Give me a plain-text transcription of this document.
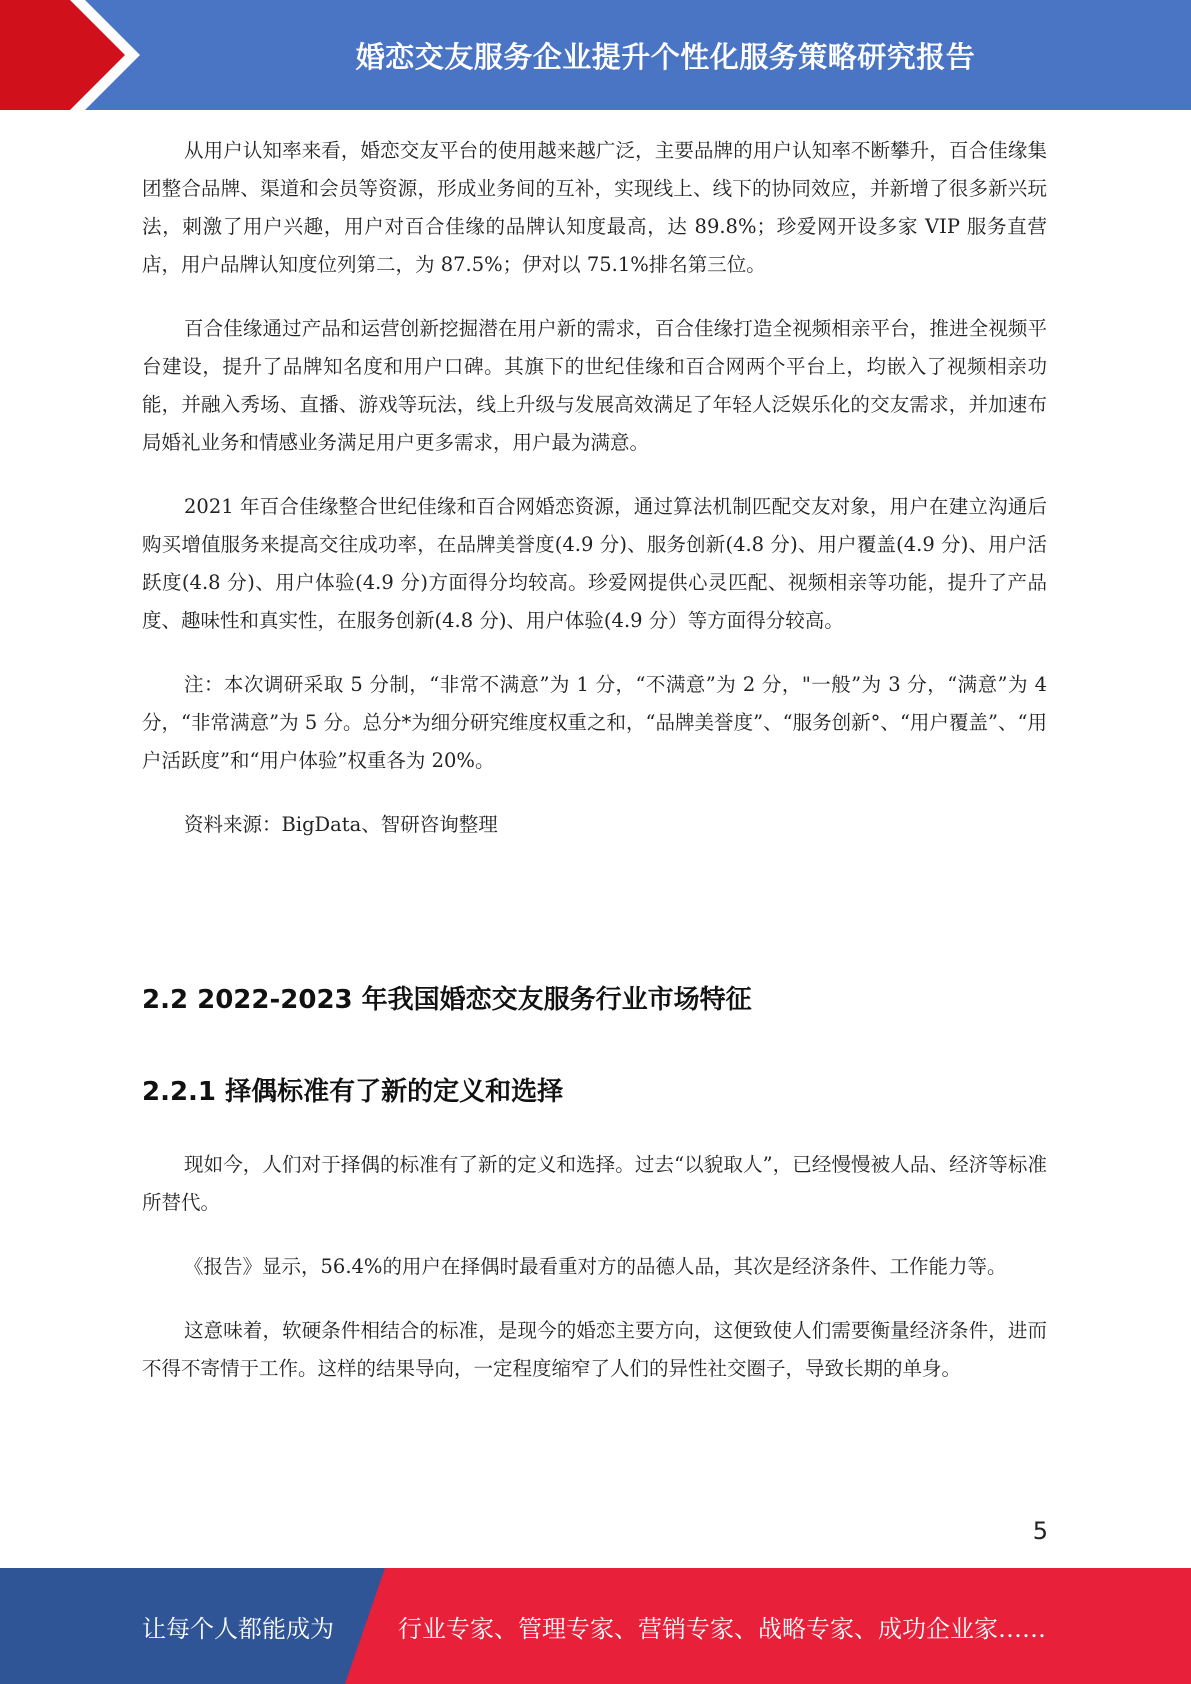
婚恋交友服务企业提升个性化服务策略研究报告

从用户认知率来看，婚恋交友平台的使用越来越广泛，主要品牌的用户认知率不断攀升，百合佳缘集团整合品牌、渠道和会员等资源，形成业务间的互补，实现线上、线下的协同效应，并新增了很多新兴玩法，刺激了用户兴趣，用户对百合佳缘的品牌认知度最高，达 89.8%；珍爱网开设多家 VIP 服务直营店，用户品牌认知度位列第二，为 87.5%；伊对以 75.1%排名第三位。

百合佳缘通过产品和运营创新挖掘潜在用户新的需求，百合佳缘打造全视频相亲平台，推进全视频平台建设，提升了品牌知名度和用户口碑。其旗下的世纪佳缘和百合网两个平台上，均嵌入了视频相亲功能，并融入秀场、直播、游戏等玩法，线上升级与发展高效满足了年轻人泛娱乐化的交友需求，并加速布局婚礼业务和情感业务满足用户更多需求，用户最为满意。

2021 年百合佳缘整合世纪佳缘和百合网婚恋资源，通过算法机制匹配交友对象，用户在建立沟通后购买增值服务来提高交往成功率，在品牌美誉度(4.9 分)、服务创新(4.8 分)、用户覆盖(4.9 分)、用户活跃度(4.8 分)、用户体验(4.9 分)方面得分均较高。珍爱网提供心灵匹配、视频相亲等功能，提升了产品度、趣味性和真实性，在服务创新(4.8 分)、用户体验(4.9 分）等方面得分较高。

注：本次调研采取 5 分制，“非常不满意”为 1 分，“不满意”为 2 分，"一般”为 3 分，“满意”为 4 分，“非常满意”为 5 分。总分*为细分研究维度权重之和，“品牌美誉度”、“服务创新°、“用户覆盖”、“用户活跃度”和“用户体验”权重各为 20%。

资料来源：BigData、智研咨询整理

2.2 2022-2023 年我国婚恋交友服务行业市场特征
2.2.1 择偶标准有了新的定义和选择

现如今，人们对于择偶的标准有了新的定义和选择。过去“以貌取人”，已经慢慢被人品、经济等标准所替代。

《报告》显示，56.4%的用户在择偶时最看重对方的品德人品，其次是经济条件、工作能力等。

这意味着，软硬条件相结合的标准，是现今的婚恋主要方向，这便致使人们需要衡量经济条件，进而不得不寄情于工作。这样的结果导向，一定程度缩窄了人们的异性社交圈子，导致长期的单身。

5
让每个人都能成为	行业专家、管理专家、营销专家、战略专家、成功企业家……
